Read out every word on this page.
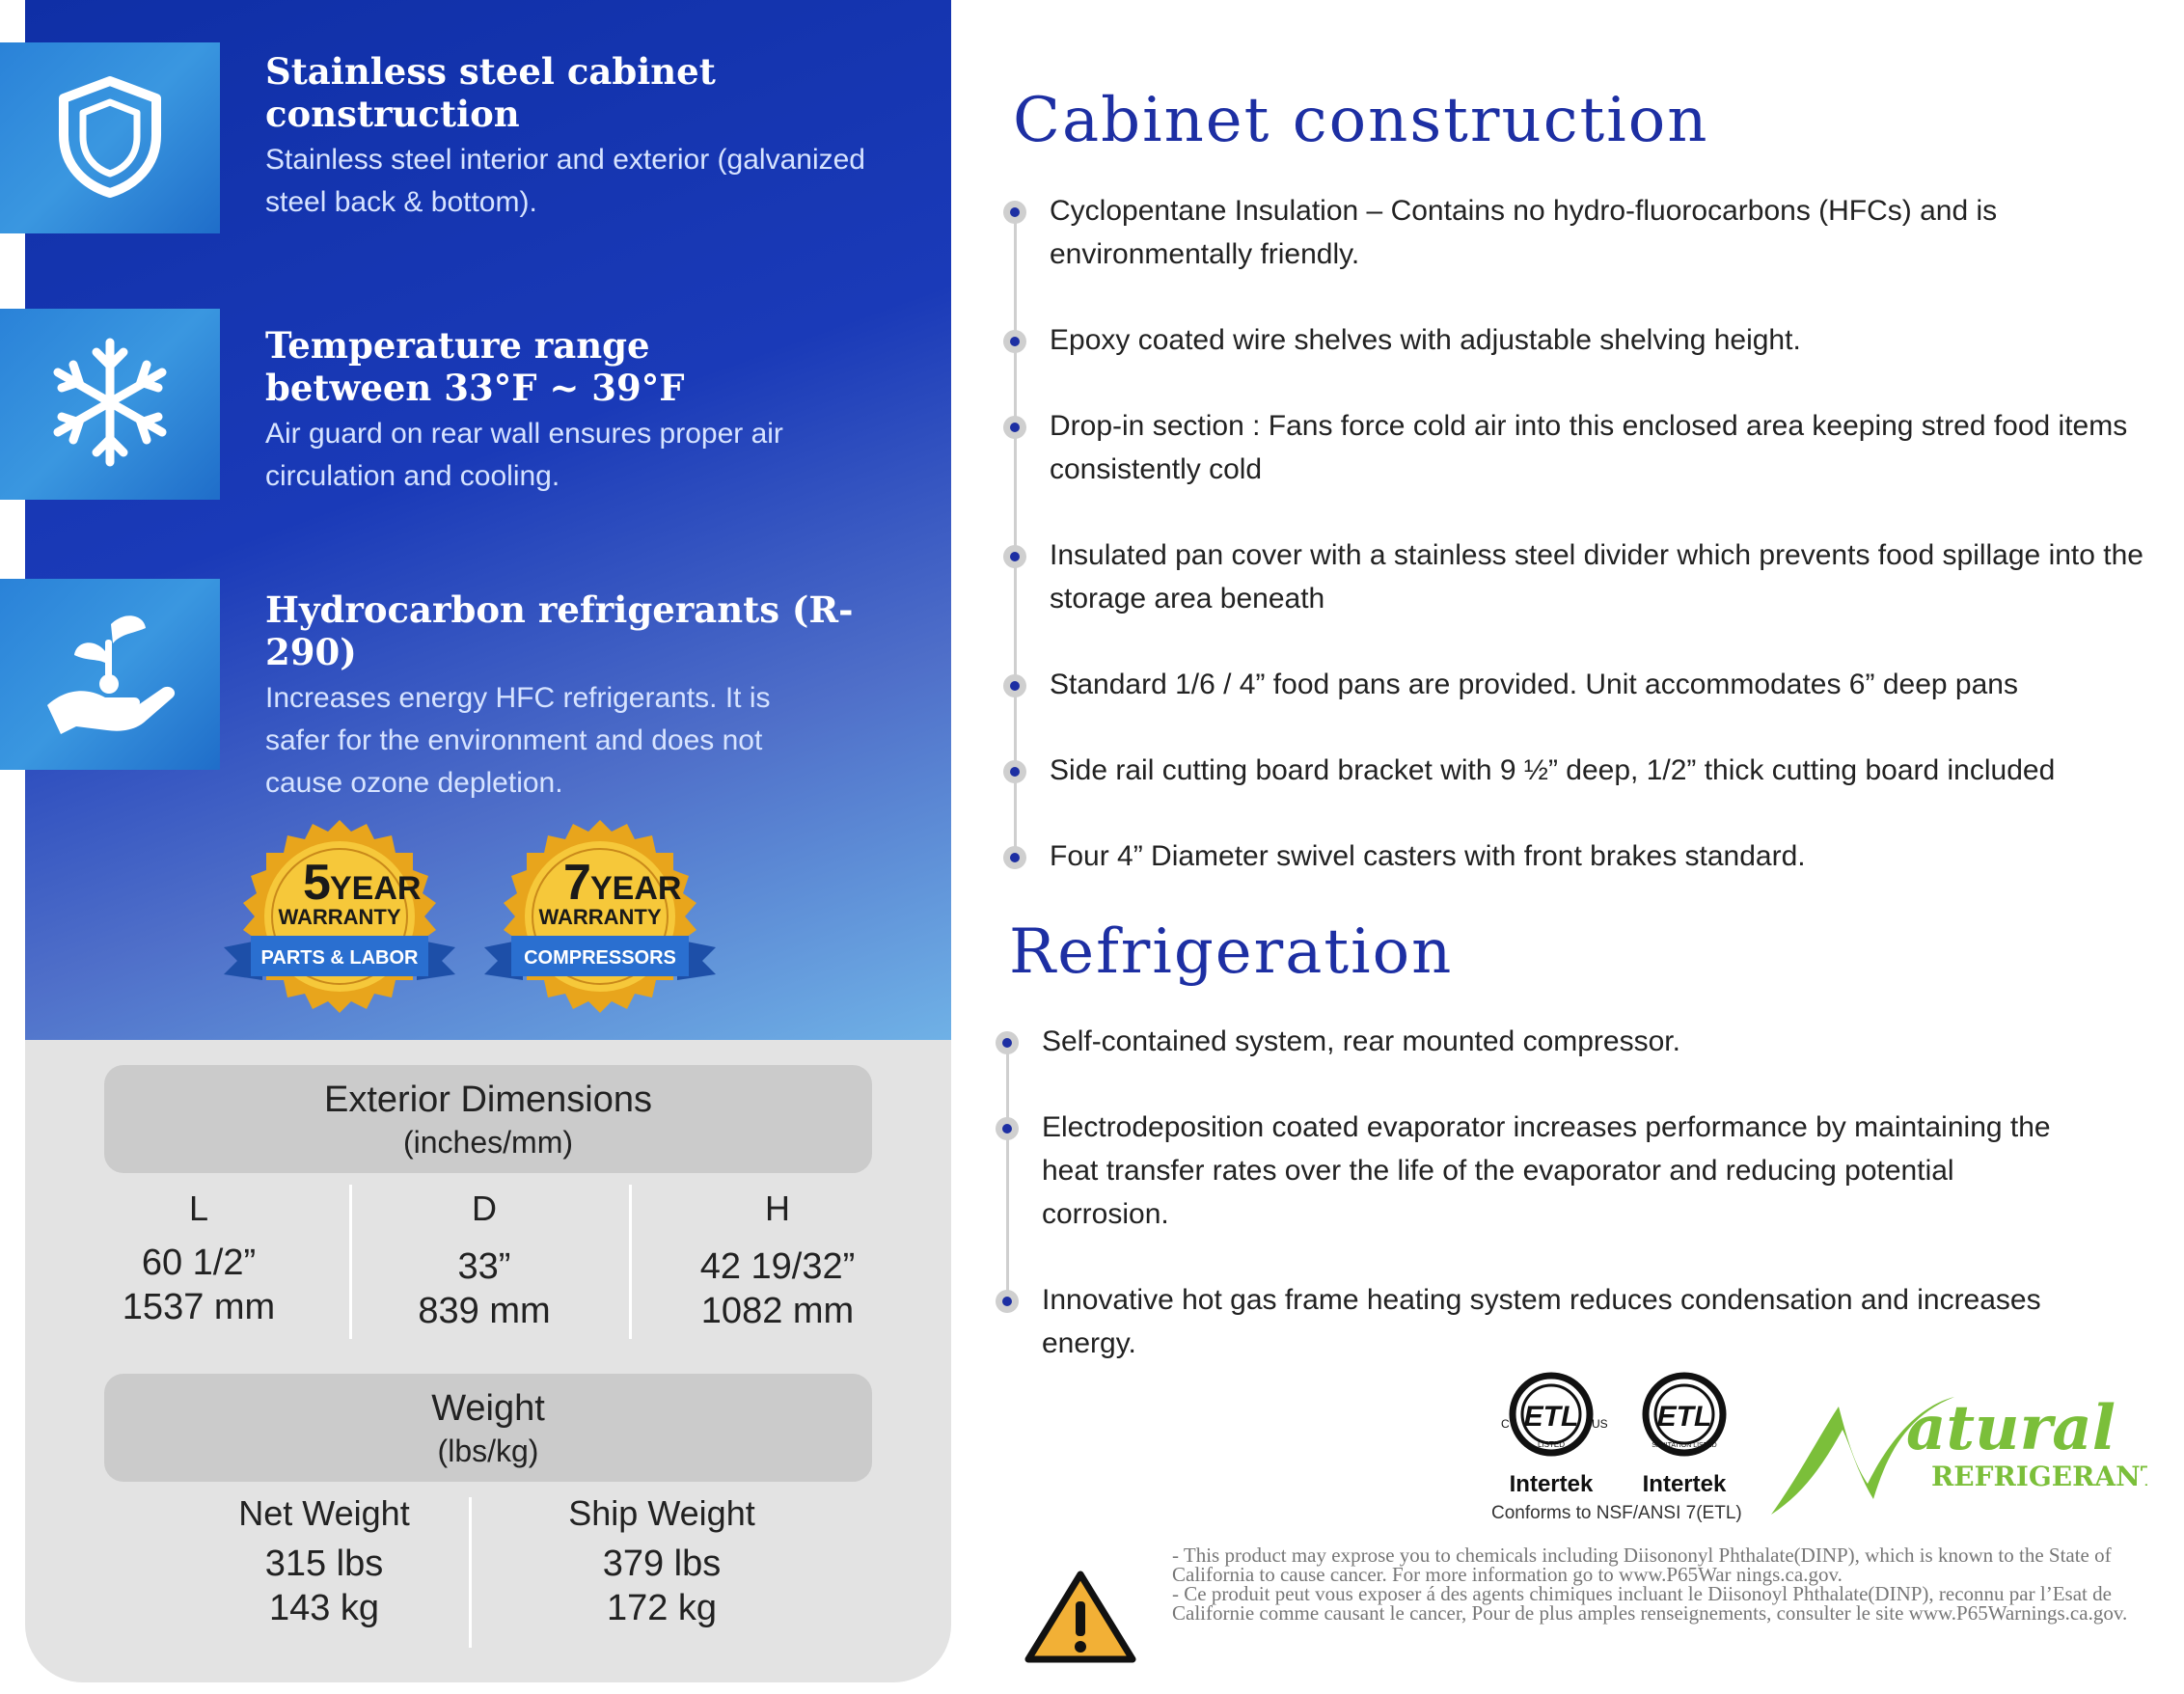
Stainless steel cabinet construction
Stainless steel interior and exterior (galvanized steel back & bottom).
Temperature range between 33°F ~ 39°F
Air guard on rear wall ensures proper air circulation and cooling.
Hydrocarbon refrigerants (R-290)
Increases energy HFC refrigerants. It is safer for the environment and does not cause ozone depletion.
5 YEAR
WARRANTY
PARTS & LABOR
7 YEAR
WARRANTY
COMPRESSORS
Exterior Dimensions
(inches/mm)
L
60 1/2”
1537 mm
D
33”
839 mm
H
42 19/32”
1082 mm
Weight
(lbs/kg)
Net Weight
315 lbs
143 kg
Ship Weight
379 lbs
172 kg
Cabinet construction
Cyclopentane Insulation – Contains no hydro-fluorocarbons (HFCs) and is environmentally friendly.
Epoxy coated wire shelves with adjustable shelving height.
Drop-in section : Fans force cold air into this enclosed area keeping stred food items consistently cold
Insulated pan cover with a stainless steel divider which prevents food spillage into the storage area beneath
Standard 1/6 / 4” food pans are provided. Unit accommodates 6” deep pans
Side rail cutting board bracket with 9 ½” deep, 1/2” thick cutting board included
Four 4” Diameter swivel casters with front brakes standard.
Refrigeration
Self-contained system, rear mounted compressor.
Electrodeposition coated evaporator increases performance by maintaining the heat transfer rates over the life of the evaporator and reducing potential corrosion.
Innovative hot gas frame heating system reduces condensation and increases energy.
ETL
LISTED
C	US
Intertek
ETL
SANITATION LISTED
Intertek
Conforms to NSF/ANSI 7(ETL)
atural
REFRIGERANT
- This product may exprose you to chemicals including Diisononyl Phthalate(DINP), which is known to the State of California to cause cancer. For more information go to www.P65War nings.ca.gov.
- Ce produit peut vous exposer á des agents chimiques incluant le Diisonoyl Phthalate(DINP), reconnu par l’Esat de Californie comme causant le cancer, Pour de plus amples renseignements, consulter le site www.P65Warnings.ca.gov.
